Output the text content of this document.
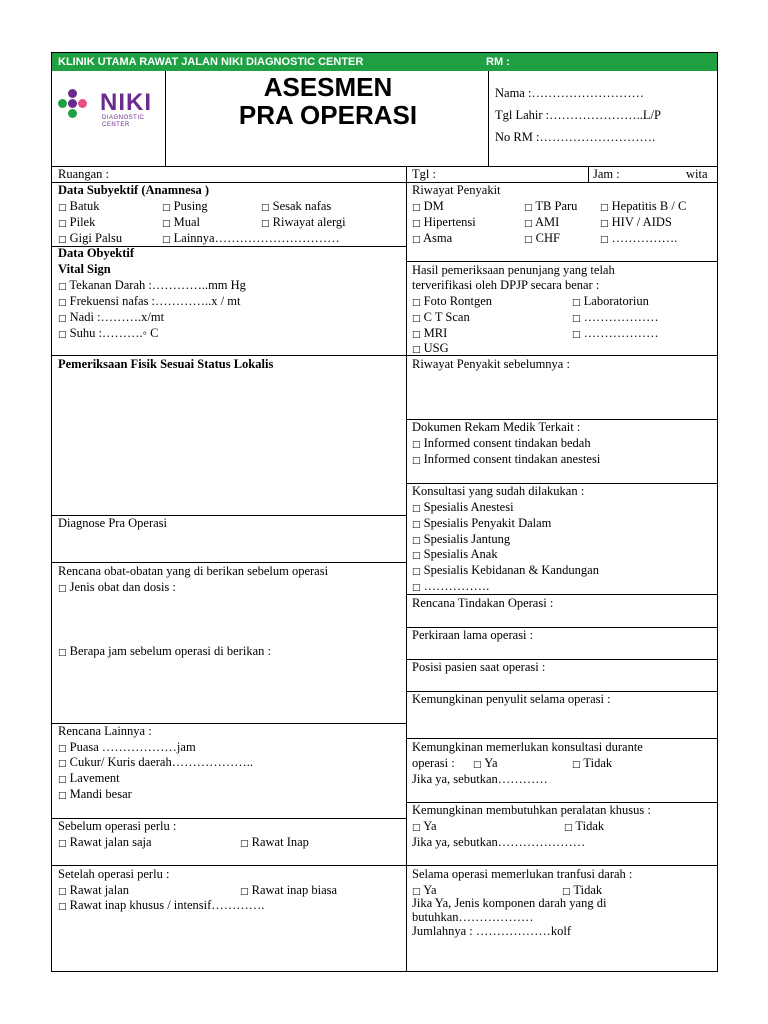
KLINIK UTAMA RAWAT JALAN NIKI DIAGNOSTIC CENTER	RM :
NIKI
DIAGNOSTIC
CENTER
ASESMEN
PRA OPERASI
Nama :………………………
Tgl Lahir :…………………..L/P
No RM :……………………….
Ruangan :	Tgl :	Jam :	wita
Data Subyektif (Anamnesa )
□ Batuk	□ Pusing	□ Sesak nafas
□ Pilek	□ Mual	□ Riwayat alergi
□ Gigi Palsu	□ Lainnya…………………………
Riwayat Penyakit
□ DM	□ TB Paru	□ Hepatitis B / C
□ Hipertensi	□ AMI	□ HIV / AIDS
□ Asma	□ CHF	□ …………….
Data Obyektif
Vital Sign
□ Tekanan Darah :…………..mm Hg
□ Frekuensi nafas :…………..x / mt
□ Nadi :……….x/mt
□ Suhu :……….◦ C
Hasil pemeriksaan penunjang yang telah
terverifikasi oleh DPJP secara benar :
□ Foto Rontgen	□ Laboratoriun
□ C T Scan	□ ………………
□ MRI	□ ………………
□ USG
Pemeriksaan Fisik Sesuai Status Lokalis
Diagnose Pra Operasi
Rencana obat-obatan yang di berikan sebelum operasi
□ Jenis obat dan dosis :
□ Berapa jam sebelum operasi di berikan :
Rencana Lainnya :
□ Puasa ………………jam
□ Cukur/ Kuris daerah………………..
□ Lavement
□ Mandi besar
Sebelum operasi perlu :
□ Rawat jalan saja	□ Rawat Inap
Setelah operasi perlu :
□ Rawat jalan	□ Rawat inap biasa
□ Rawat inap khusus / intensif………….
Riwayat Penyakit sebelumnya :
Dokumen Rekam Medik Terkait :
□ Informed consent tindakan bedah
□ Informed consent tindakan anestesi
Konsultasi yang sudah dilakukan :
□ Spesialis Anestesi
□ Spesialis Penyakit Dalam
□ Spesialis Jantung
□ Spesialis Anak
□ Spesialis Kebidanan & Kandungan
□ …………….
Rencana Tindakan Operasi :
Perkiraan lama operasi :
Posisi pasien saat operasi :
Kemungkinan penyulit selama operasi :
Kemungkinan memerlukan konsultasi durante
operasi : □ Ya	□ Tidak
Jika ya, sebutkan…………
Kemungkinan membutuhkan peralatan khusus :
□ Ya	□ Tidak
Jika ya, sebutkan…………………
Selama operasi memerlukan tranfusi darah :
□ Ya	□ Tidak
Jika Ya, Jenis komponen darah yang di
butuhkan………………
Jumlahnya : ………………kolf
